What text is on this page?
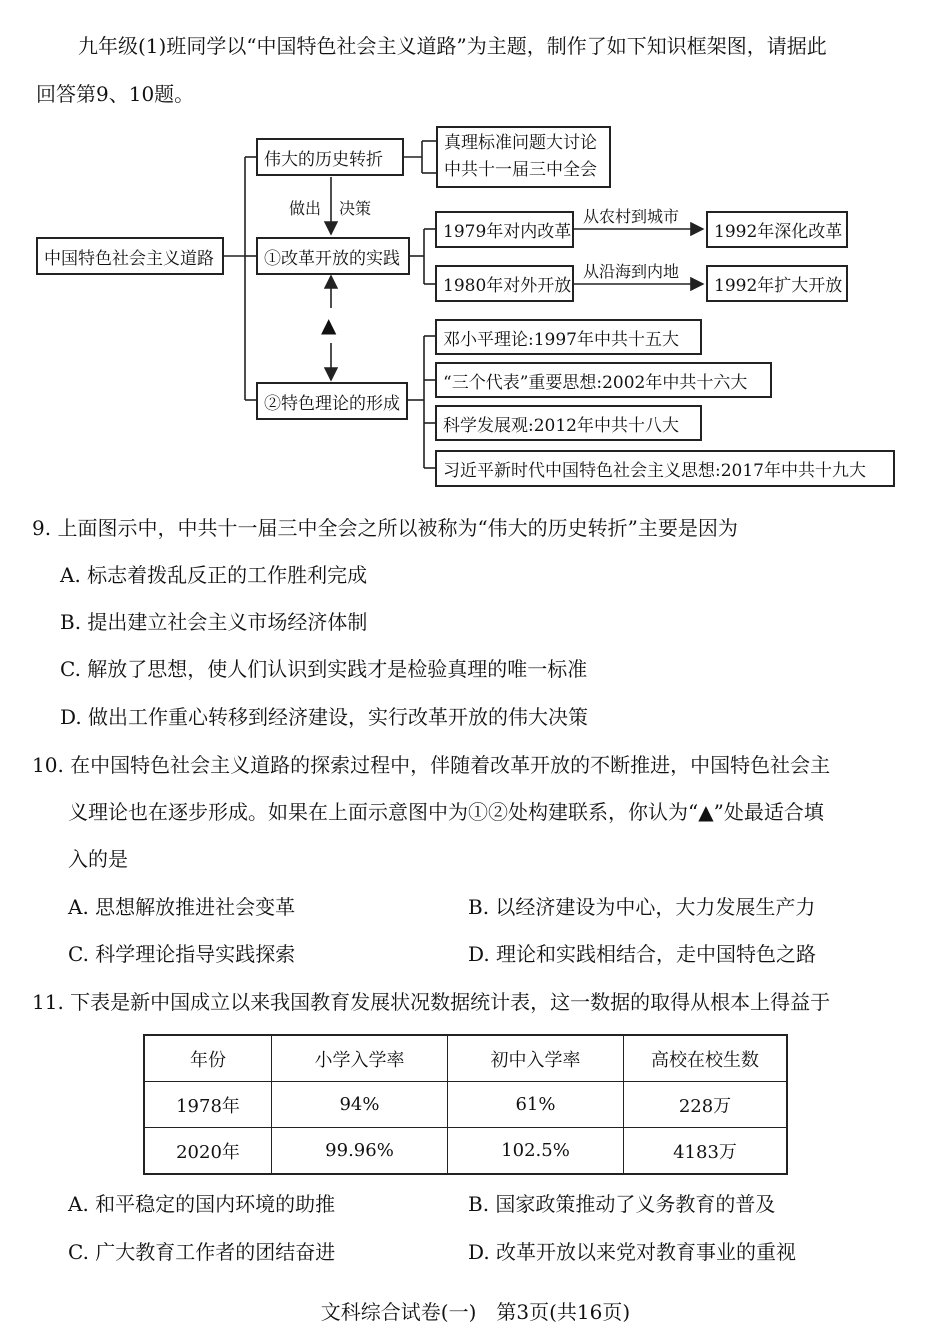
九年级(1)班同学以“中国特色社会主义道路”为主题，制作了如下知识框架图，请据此
回答第9、10题。
中国特色社会主义道路
伟大的历史转折
真理标准问题大讨论
中共十一届三中全会
做出 决策
①改革开放的实践
1979年对内改革
从农村到城市
1992年深化改革
1980年对外开放
从沿海到内地
1992年扩大开放
▲
②特色理论的形成
邓小平理论:1997年中共十五大
“三个代表”重要思想:2002年中共十六大
科学发展观:2012年中共十八大
习近平新时代中国特色社会主义思想:2017年中共十九大
9. 上面图示中，中共十一届三中全会之所以被称为“伟大的历史转折”主要是因为
A. 标志着拨乱反正的工作胜利完成
B. 提出建立社会主义市场经济体制
C. 解放了思想，使人们认识到实践才是检验真理的唯一标准
D. 做出工作重心转移到经济建设，实行改革开放的伟大决策
10. 在中国特色社会主义道路的探索过程中，伴随着改革开放的不断推进，中国特色社会主
义理论也在逐步形成。如果在上面示意图中为①②处构建联系，你认为“▲”处最适合填
入的是
A. 思想解放推进社会变革	B. 以经济建设为中心，大力发展生产力
C. 科学理论指导实践探索	D. 理论和实践相结合，走中国特色之路
11. 下表是新中国成立以来我国教育发展状况数据统计表，这一数据的取得从根本上得益于
年份	小学入学率	初中入学率	高校在校生数
1978年	94%	61%	228万
2020年	99.96%	102.5%	4183万
A. 和平稳定的国内环境的助推	B. 国家政策推动了义务教育的普及
C. 广大教育工作者的团结奋进	D. 改革开放以来党对教育事业的重视
文科综合试卷(一)　第3页(共16页)
